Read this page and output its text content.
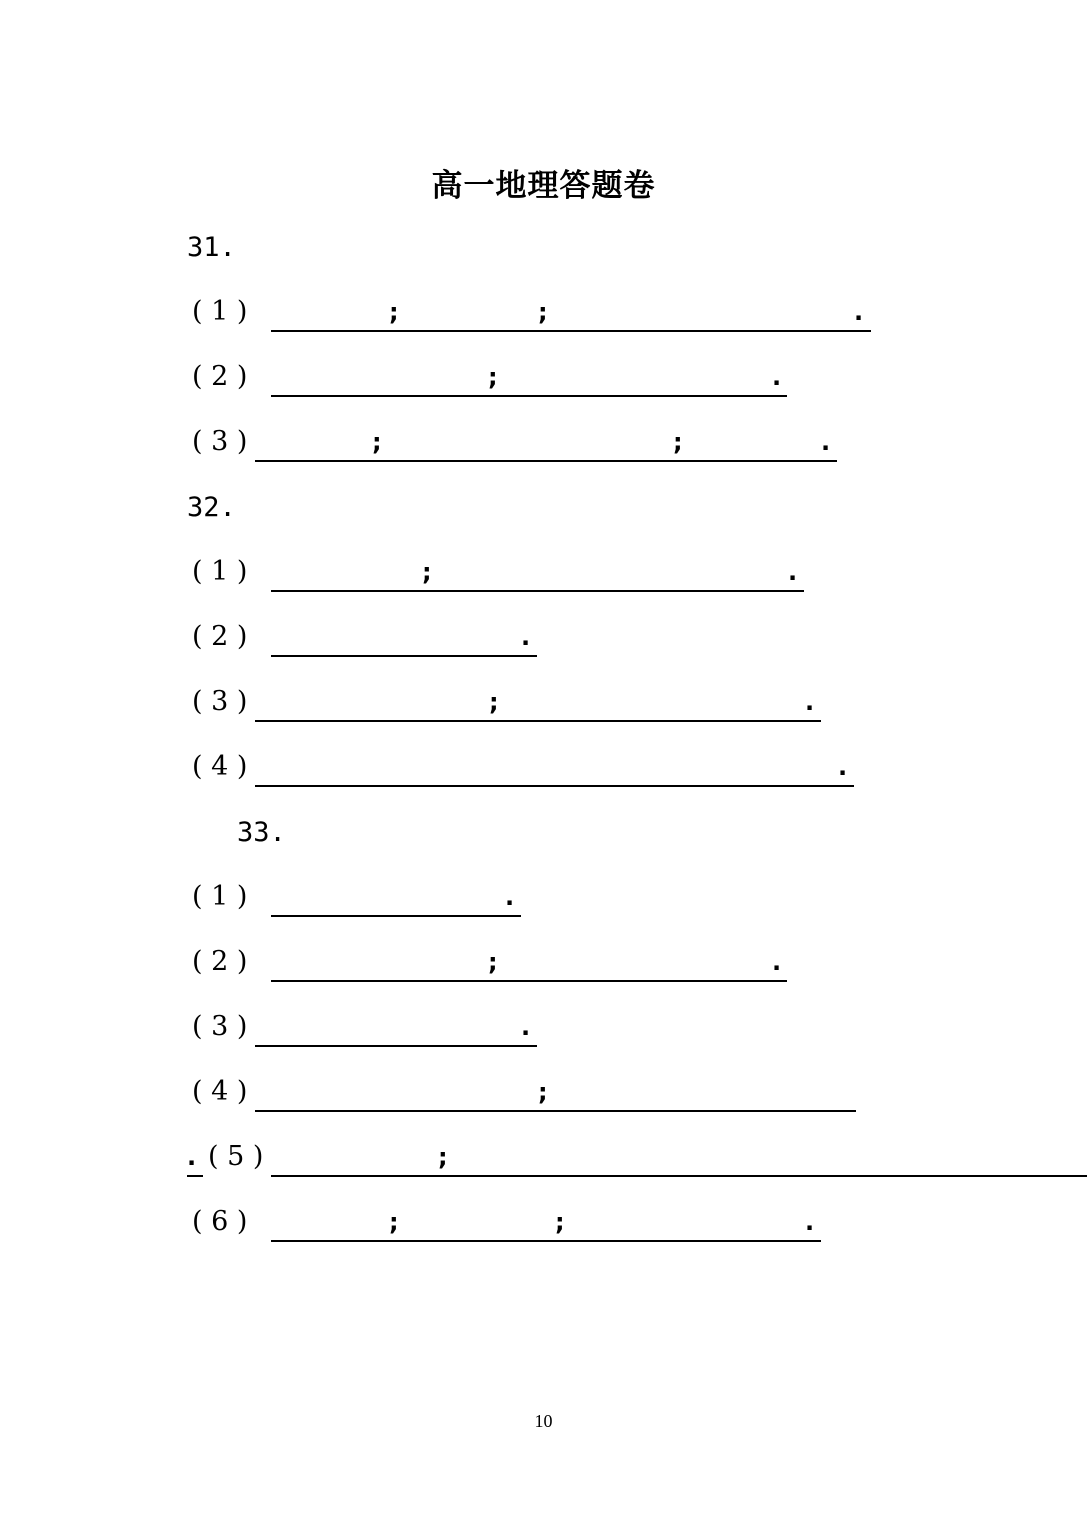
高一地理答题卷
31.
( 1 )	;	;	.
( 2 )	;	.
( 3 )	;	;	.
32.
( 1 )	;	.
( 2 )	.
( 3 )	;	.
( 4 )	.
33.
( 1 )	.
( 2 )	;	.
( 3 )	.
( 4 )	;
. ( 5 )	;
( 6 )	;	;	.
10
